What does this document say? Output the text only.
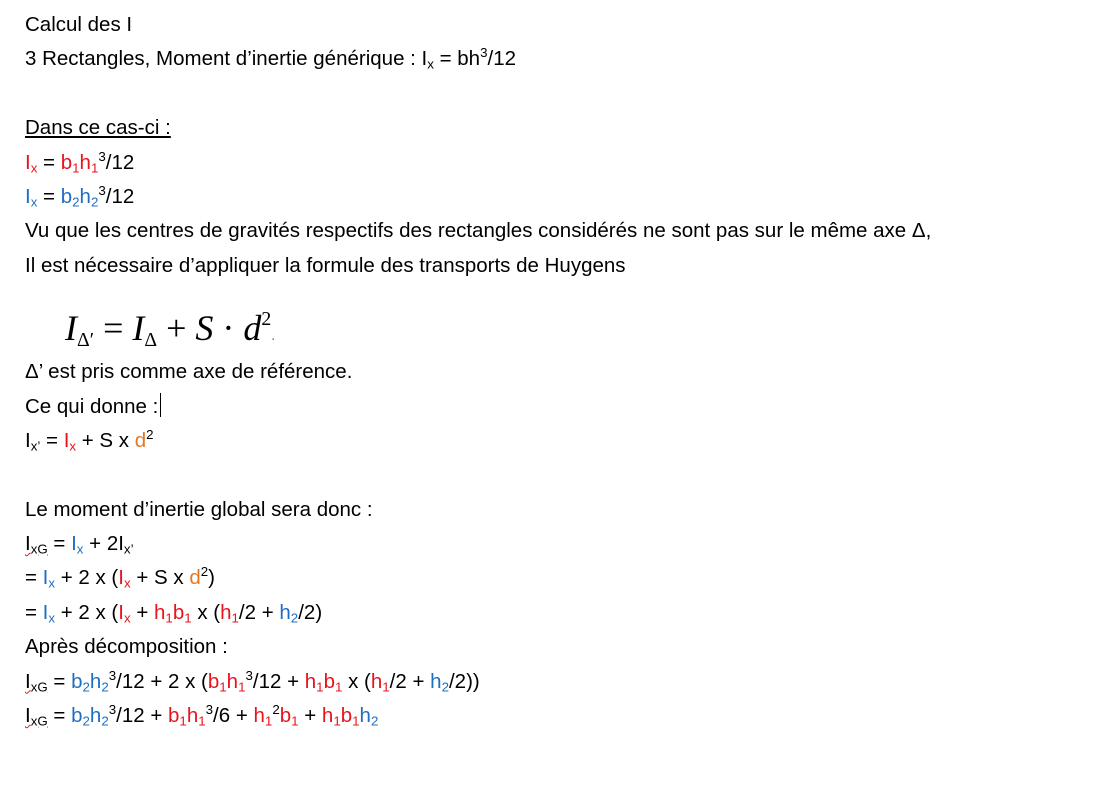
Calcul des I
3 Rectangles, Moment d’inertie générique : $I_x = bh^3/12$
Dans ce cas-ci :
$I_x = b_1h_1^3/12$
$I_x = b_2h_2^3/12$
Vu que les centres de gravités respectifs des rectangles considérés ne sont pas sur le même axe Δ,
Il est nécessaire d’appliquer la formule des transports de Huygens
$I\Delta' = I\Delta + S \cdot d^2$.
Δ’ est pris comme axe de référence.
Ce qui donne :
$I_{x’} = I_x + S$ x $d^2$
Le moment d’inertie global sera donc :
$I_{xG} = I_x + 2I_{x’}$
= $I_x + 2$ x ($I_x + S$ x $d^2$)
= $I_x + 2$ x ($I_x + h_1b_1$ x $(h_1/2 + h_2/2)$
Après décomposition :
$I_{xG} = b_2h_2^3/12 + 2$ x ($b_1h_1^3/12 + h_1b_1$ x $(h_1/2 + h_2/2)$)
$I_{xG} = b_2h_2^3/12 + b_1h_1^3/6 + h_1^2b_1 + h_1b_1h_2$
